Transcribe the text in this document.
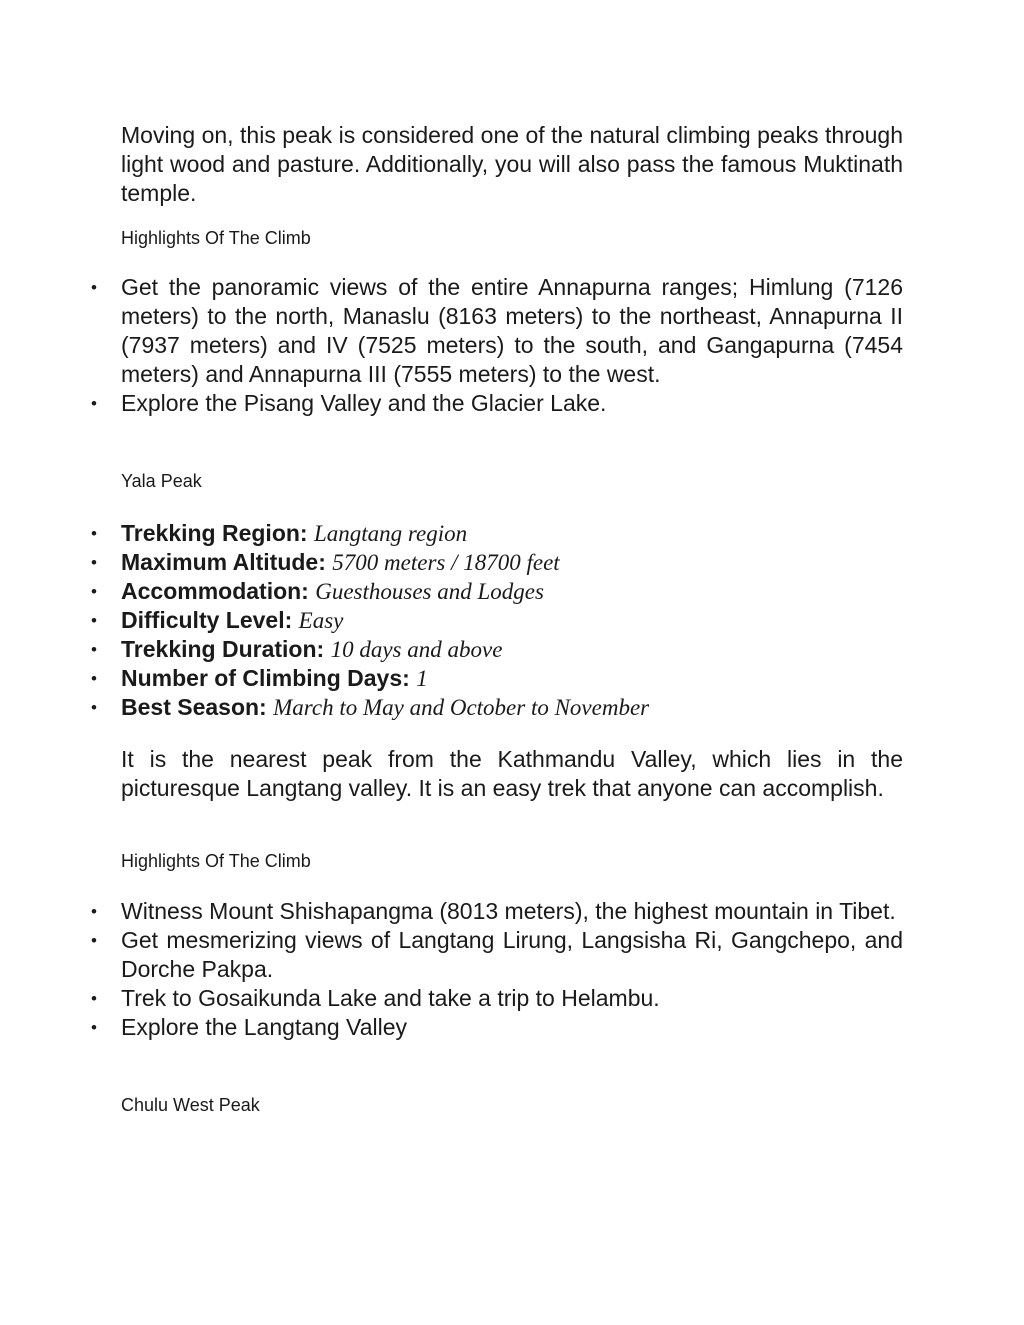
Moving on, this peak is considered one of the natural climbing peaks through light wood and pasture. Additionally, you will also pass the famous Muktinath temple.

Highlights Of The Climb

• Get the panoramic views of the entire Annapurna ranges; Himlung (7126 meters) to the north, Manaslu (8163 meters) to the northeast, Annapurna II (7937 meters) and IV (7525 meters) to the south, and Gangapurna (7454 meters) and Annapurna III (7555 meters) to the west.
• Explore the Pisang Valley and the Glacier Lake.

Yala Peak

• Trekking Region: Langtang region
• Maximum Altitude: 5700 meters / 18700 feet
• Accommodation: Guesthouses and Lodges
• Difficulty Level: Easy
• Trekking Duration: 10 days and above
• Number of Climbing Days: 1
• Best Season: March to May and October to November

It is the nearest peak from the Kathmandu Valley, which lies in the picturesque Langtang valley. It is an easy trek that anyone can accomplish.

Highlights Of The Climb

• Witness Mount Shishapangma (8013 meters), the highest mountain in Tibet.
• Get mesmerizing views of Langtang Lirung, Langsisha Ri, Gangchepo, and Dorche Pakpa.
• Trek to Gosaikunda Lake and take a trip to Helambu.
• Explore the Langtang Valley

Chulu West Peak
